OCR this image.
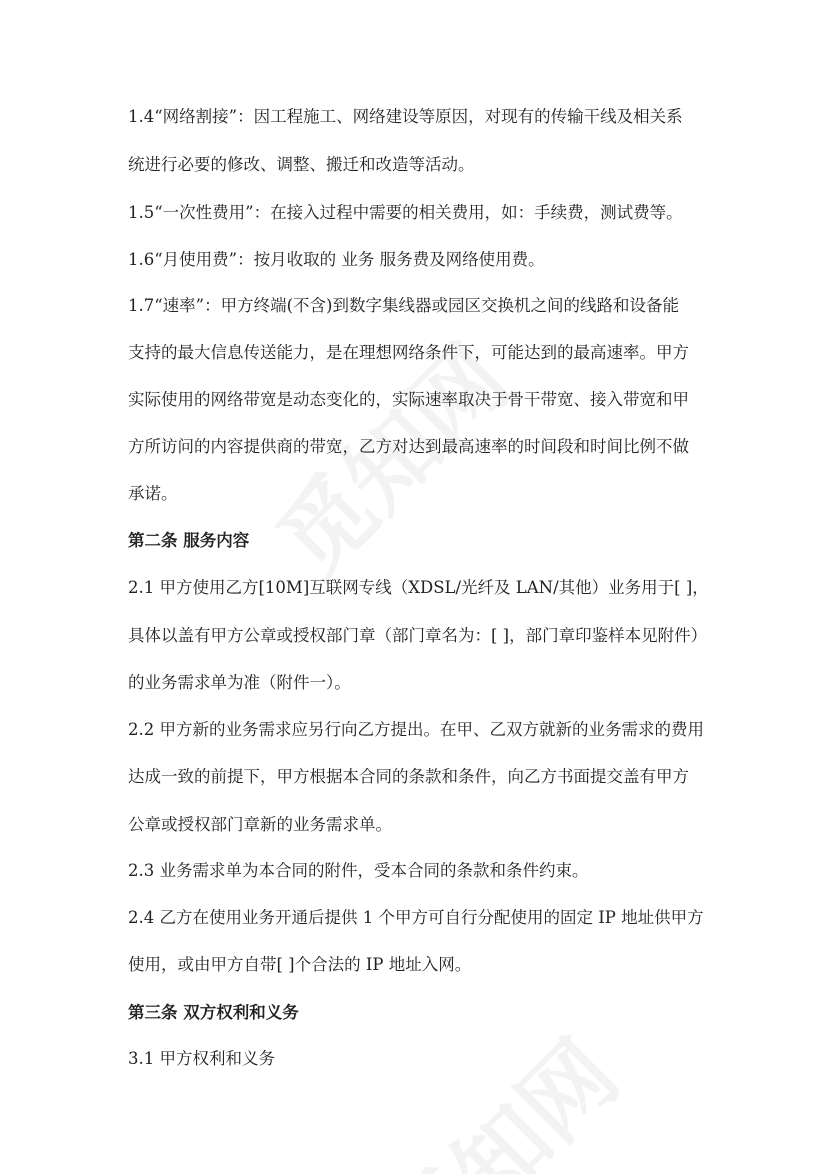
1.4“网络割接”：因工程施工、网络建设等原因，对现有的传输干线及相关系

统进行必要的修改、调整、搬迁和改造等活动。

1.5“一次性费用”：在接入过程中需要的相关费用，如：手续费，测试费等。

1.6“月使用费”：按月收取的 业务 服务费及网络使用费。

1.7“速率”：甲方终端(不含)到数字集线器或园区交换机之间的线路和设备能

支持的最大信息传送能力，是在理想网络条件下，可能达到的最高速率。甲方

实际使用的网络带宽是动态变化的，实际速率取决于骨干带宽、接入带宽和甲

方所访问的内容提供商的带宽，乙方对达到最高速率的时间段和时间比例不做

承诺。

第二条 服务内容

2.1 甲方使用乙方[10M]互联网专线（XDSL/光纤及 LAN/其他）业务用于[ ]，

具体以盖有甲方公章或授权部门章（部门章名为：[ ]，部门章印鉴样本见附件）

的业务需求单为准（附件一）。

2.2 甲方新的业务需求应另行向乙方提出。在甲、乙双方就新的业务需求的费用

达成一致的前提下，甲方根据本合同的条款和条件，向乙方书面提交盖有甲方

公章或授权部门章新的业务需求单。

2.3 业务需求单为本合同的附件，受本合同的条款和条件约束。

2.4 乙方在使用业务开通后提供 1 个甲方可自行分配使用的固定 IP 地址供甲方

使用，或由甲方自带[ ]个合法的 IP 地址入网。

第三条 双方权利和义务

3.1 甲方权利和义务
